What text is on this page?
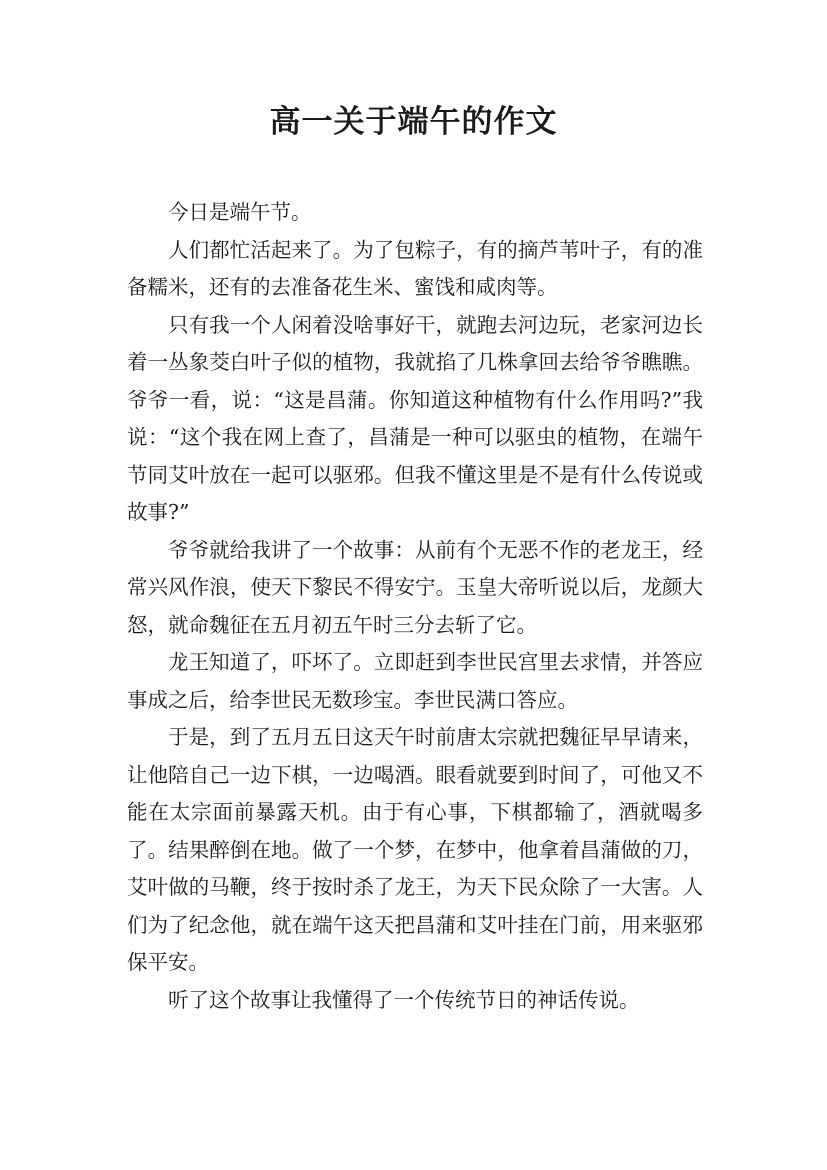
高一关于端午的作文

今日是端午节。

人们都忙活起来了。为了包粽子，有的摘芦苇叶子，有的准备糯米，还有的去准备花生米、蜜饯和咸肉等。

只有我一个人闲着没啥事好干，就跑去河边玩，老家河边长着一丛象茭白叶子似的植物，我就掐了几株拿回去给爷爷瞧瞧。爷爷一看，说：“这是昌蒲。你知道这种植物有什么作用吗?”我说：“这个我在网上查了，昌蒲是一种可以驱虫的植物，在端午节同艾叶放在一起可以驱邪。但我不懂这里是不是有什么传说或故事?”

爷爷就给我讲了一个故事：从前有个无恶不作的老龙王，经常兴风作浪，使天下黎民不得安宁。玉皇大帝听说以后，龙颜大怒，就命魏征在五月初五午时三分去斩了它。

龙王知道了，吓坏了。立即赶到李世民宫里去求情，并答应事成之后，给李世民无数珍宝。李世民满口答应。

于是，到了五月五日这天午时前唐太宗就把魏征早早请来，让他陪自己一边下棋，一边喝酒。眼看就要到时间了，可他又不能在太宗面前暴露天机。由于有心事，下棋都输了，酒就喝多了。结果醉倒在地。做了一个梦，在梦中，他拿着昌蒲做的刀，艾叶做的马鞭，终于按时杀了龙王，为天下民众除了一大害。人们为了纪念他，就在端午这天把昌蒲和艾叶挂在门前，用来驱邪保平安。

听了这个故事让我懂得了一个传统节日的神话传说。
